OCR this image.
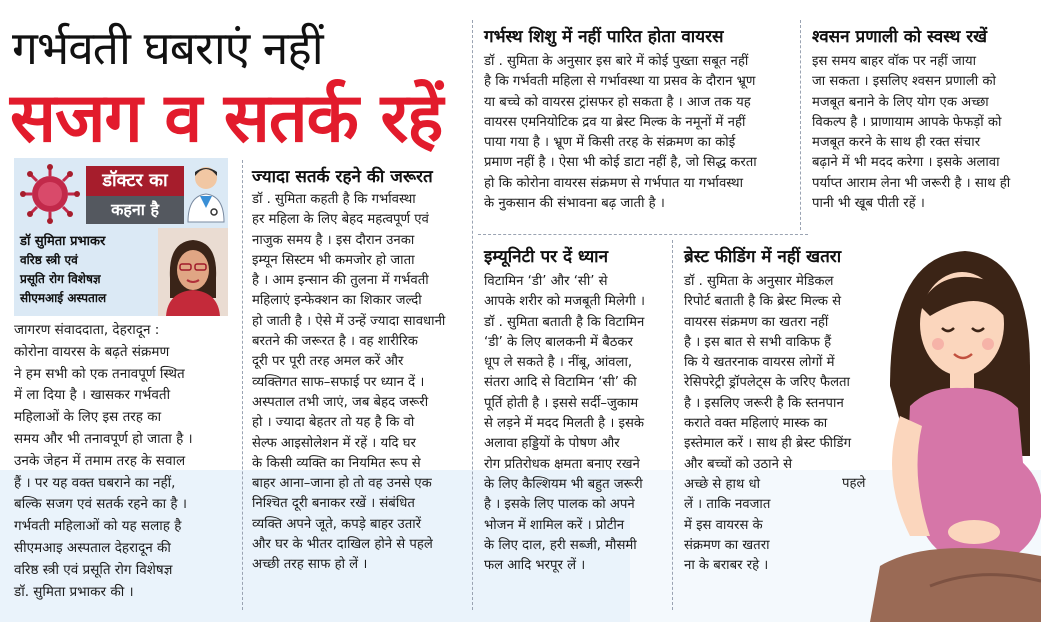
गर्भवती घबराएं नहीं
सजग व सतर्क रहें
डॉक्टर का
कहना है
डॉ सुमिता प्रभाकर
वरिष्ठ स्त्री एवं
प्रसूति रोग विशेषज्ञ
सीएमआई अस्पताल

जागरण संवाददाता, देहरादून :

कोरोना वायरस के बढ़ते संक्रमण

ने हम सभी को एक तनावपूर्ण स्थित

में ला दिया है । खासकर गर्भवती

महिलाओं के लिए इस तरह का

समय और भी तनावपूर्ण हो जाता है ।

उनके जेहन में तमाम तरह के सवाल

हैं । पर यह वक्त घबराने का नहीं,

बल्कि सजग एवं सतर्क रहने का है ।

गर्भवती महिलाओं को यह सलाह है

सीएमआइ अस्पताल देहरादून की

वरिष्ठ स्त्री एवं प्रसूति रोग विशेषज्ञ

डॉ. सुमिता प्रभाकर की ।

ज्यादा सतर्क रहने की जरूरत

डॉ . सुमिता कहती है कि गर्भावस्था

हर महिला के लिए बेहद महत्वपूर्ण एवं

नाजुक समय है । इस दौरान उनका

इम्यून सिस्टम भी कमजोर हो जाता

है । आम इन्सान की तुलना में गर्भवती

महिलाएं इन्फेक्शन का शिकार जल्दी

हो जाती है । ऐसे में उन्हें ज्यादा सावधानी

बरतने की जरूरत है । वह शारीरिक

दूरी पर पूरी तरह अमल करें और

व्यक्तिगत साफ–सफाई पर ध्यान दें ।

अस्पताल तभी जाएं, जब बेहद जरूरी

हो । ज्यादा बेहतर तो यह है कि वो

सेल्फ आइसोलेशन में रहें । यदि घर

के किसी व्यक्ति का नियमित रूप से

बाहर आना–जाना हो तो वह उनसे एक

निश्चित दूरी बनाकर रखें । संबंधित

व्यक्ति अपने जूते, कपड़े बाहर उतारें

और घर के भीतर दाखिल होने से पहले

अच्छी तरह साफ हो लें ।

गर्भस्थ शिशु में नहीं पारित होता वायरस

डॉ . सुमिता के अनुसार इस बारे में कोई पुख्ता सबूत नहीं

है कि गर्भवती महिला से गर्भावस्था या प्रसव के दौरान भ्रूण

या बच्चे को वायरस ट्रांसफर हो सकता है । आज तक यह

वायरस एमनियोटिक द्रव या ब्रेस्ट मिल्क के नमूनों में नहीं

पाया गया है । भ्रूण में किसी तरह के संक्रमण का कोई

प्रमाण नहीं है । ऐसा भी कोई डाटा नहीं है, जो सिद्ध करता

हो कि कोरोना वायरस संक्रमण से गर्भपात या गर्भावस्था

के नुकसान की संभावना बढ़ जाती है ।

श्वसन प्रणाली को स्वस्थ रखें

इस समय बाहर वॉक पर नहीं जाया

जा सकता । इसलिए श्वसन प्रणाली को

मजबूत बनाने के लिए योग एक अच्छा

विकल्प है । प्राणायाम आपके फेफड़ों को

मजबूत करने के साथ ही रक्त संचार

बढ़ाने में भी मदद करेगा । इसके अलावा

पर्याप्त आराम लेना भी जरूरी है । साथ ही

पानी भी खूब पीती रहें ।

इम्यूनिटी पर दें ध्यान

विटामिन ‘डी’ और ‘सी’ से

आपके शरीर को मजबूती मिलेगी ।

डॉ . सुमिता बताती है कि विटामिन

‘डी’ के लिए बालकनी में बैठकर

धूप ले सकते है । नींबू, आंवला,

संतरा आदि से विटामिन ‘सी’ की

पूर्ति होती है । इससे सर्दी–जुकाम

से लड़ने में मदद मिलती है । इसके

अलावा हड्डियों के पोषण और

रोग प्रतिरोधक क्षमता बनाए रखने

के लिए कैल्शियम भी बहुत जरूरी

है । इसके लिए पालक को अपने

भोजन में शामिल करें । प्रोटीन

के लिए दाल, हरी सब्जी, मौसमी

फल आदि भरपूर लें ।

ब्रेस्ट फीडिंग में नहीं खतरा

डॉ . सुमिता के अनुसार मेडिकल

रिपोर्ट बताती है कि ब्रेस्ट मिल्क से

वायरस संक्रमण का खतरा नहीं

है । इस बात से सभी वाकिफ हैं

कि ये खतरनाक वायरस लोगों में

रेसिपरेट्री ड्रॉपलेट्स के जरिए फैलता

है । इसलिए जरूरी है कि स्तनपान

कराते वक्त महिलाएं मास्क का

इस्तेमाल करें । साथ ही ब्रेस्ट फीडिंग

और बच्चों को उठाने से

अच्छे से हाथ धो

लें । ताकि नवजात

में इस वायरस के

संक्रमण का खतरा

ना के बराबर रहे ।

पहले
